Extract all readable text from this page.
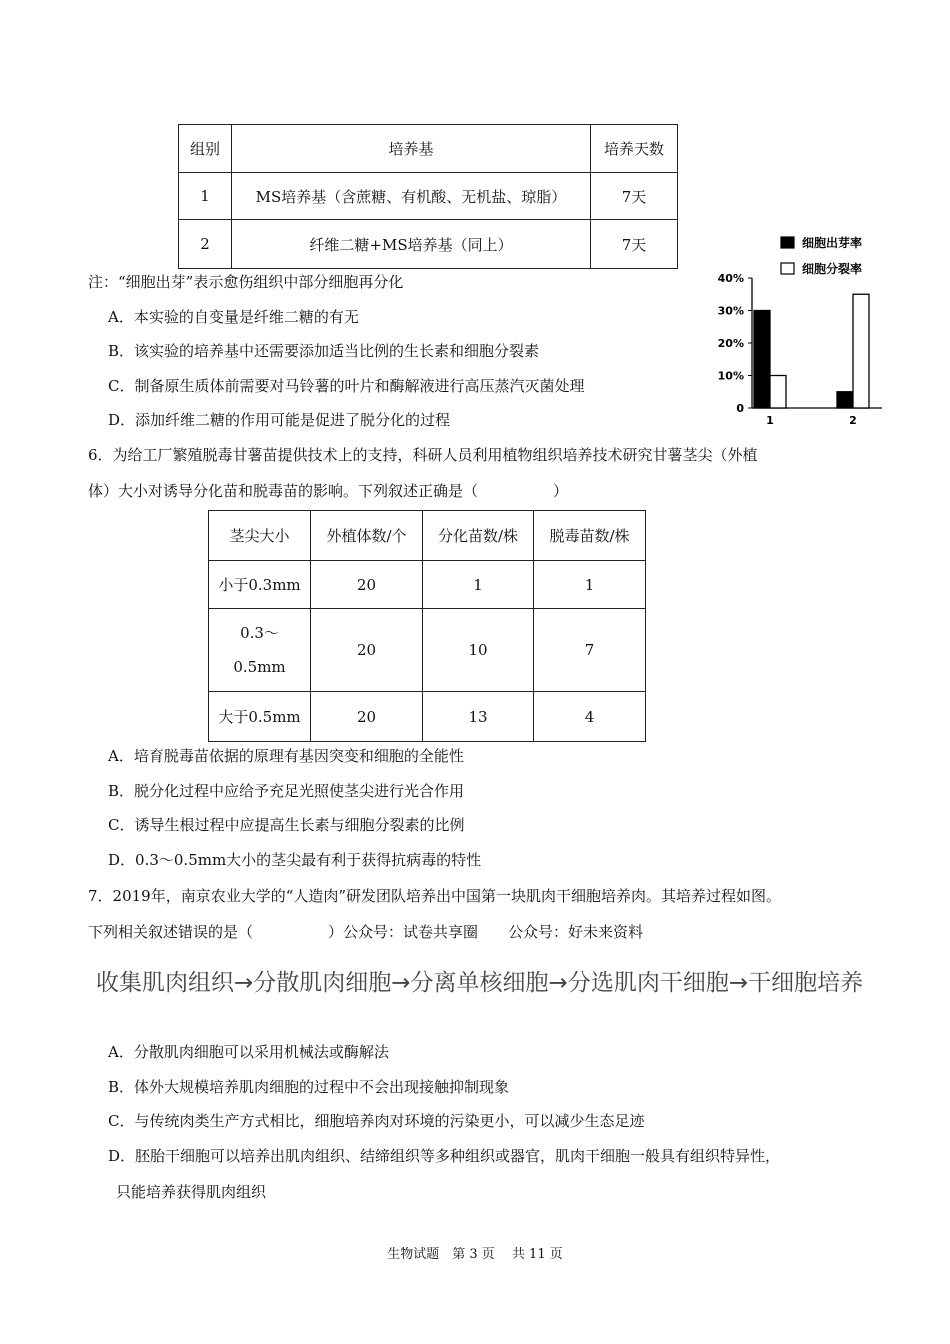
组别	培养基	培养天数
1	MS培养基（含蔗糖、有机酸、无机盐、琼脂）	7天
2	纤维二糖+MS培养基（同上）	7天	细胞出芽率
细胞分裂率
40%
30%
20%
10%
0
1	2
注：“细胞出芽”表示愈伤组织中部分细胞再分化
A．本实验的自变量是纤维二糖的有无
B．该实验的培养基中还需要添加适当比例的生长素和细胞分裂素
C．制备原生质体前需要对马铃薯的叶片和酶解液进行高压蒸汽灭菌处理
D．添加纤维二糖的作用可能是促进了脱分化的过程
6．为给工厂繁殖脱毒甘薯苗提供技术上的支持，科研人员利用植物组织培养技术研究甘薯茎尖（外植
体）大小对诱导分化苗和脱毒苗的影响。下列叙述正确是（　　　　　）
茎尖大小	外植体数/个	分化苗数/株	脱毒苗数/株
小于0.3mm	20	1	1

0.3～
0.5mm	20	10	7
大于0.5mm	20	13	4
A．培育脱毒苗依据的原理有基因突变和细胞的全能性
B．脱分化过程中应给予充足光照使茎尖进行光合作用
C．诱导生根过程中应提高生长素与细胞分裂素的比例
D．0.3～0.5mm大小的茎尖最有利于获得抗病毒的特性
7．2019年，南京农业大学的“人造肉”研发团队培养出中国第一块肌肉干细胞培养肉。其培养过程如图。
下列相关叙述错误的是（　　　　　）公众号：试卷共享圈　　公众号：好未来资料
收集肌肉组织→分散肌肉细胞→分离单核细胞→分选肌肉干细胞→干细胞培养
A．分散肌肉细胞可以采用机械法或酶解法
B．体外大规模培养肌肉细胞的过程中不会出现接触抑制现象
C．与传统肉类生产方式相比，细胞培养肉对环境的污染更小，可以减少生态足迹
D．胚胎干细胞可以培养出肌肉组织、结缔组织等多种组织或器官，肌肉干细胞一般具有组织特异性，
只能培养获得肌肉组织
生物试题　第 3 页　 共 11 页
